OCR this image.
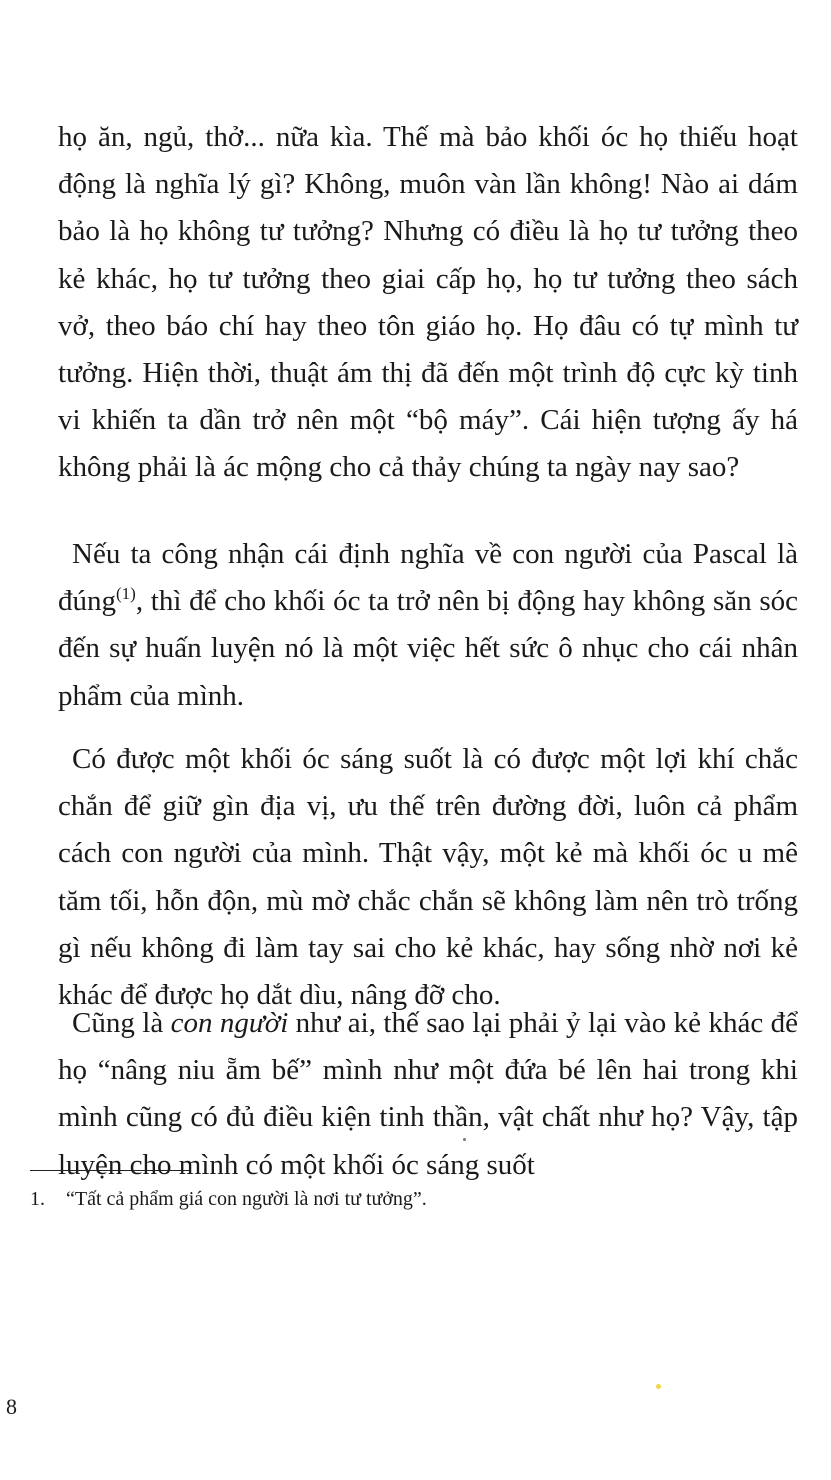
họ ăn, ngủ, thở... nữa kìa. Thế mà bảo khối óc họ thiếu hoạt động là nghĩa lý gì? Không, muôn vàn lần không! Nào ai dám bảo là họ không tư tưởng? Nhưng có điều là họ tư tưởng theo kẻ khác, họ tư tưởng theo giai cấp họ, họ tư tưởng theo sách vở, theo báo chí hay theo tôn giáo họ. Họ đâu có tự mình tư tưởng. Hiện thời, thuật ám thị đã đến một trình độ cực kỳ tinh vi khiến ta dần trở nên một “bộ máy”. Cái hiện tượng ấy há không phải là ác mộng cho cả thảy chúng ta ngày nay sao?

Nếu ta công nhận cái định nghĩa về con người của Pascal là đúng$^{(1)}$, thì để cho khối óc ta trở nên bị động hay không săn sóc đến sự huấn luyện nó là một việc hết sức ô nhục cho cái nhân phẩm của mình.

Có được một khối óc sáng suốt là có được một lợi khí chắc chắn để giữ gìn địa vị, ưu thế trên đường đời, luôn cả phẩm cách con người của mình. Thật vậy, một kẻ mà khối óc u mê tăm tối, hỗn độn, mù mờ chắc chắn sẽ không làm nên trò trống gì nếu không đi làm tay sai cho kẻ khác, hay sống nhờ nơi kẻ khác để được họ dắt dìu, nâng đỡ cho.

Cũng là con người như ai, thế sao lại phải ỷ lại vào kẻ khác để họ “nâng niu ẵm bế” mình như một đứa bé lên hai trong khi mình cũng có đủ điều kiện tinh thần, vật chất như họ? Vậy, tập luyện cho mình có một khối óc sáng suốt

1. “Tất cả phẩm giá con người là nơi tư tưởng”.

8
